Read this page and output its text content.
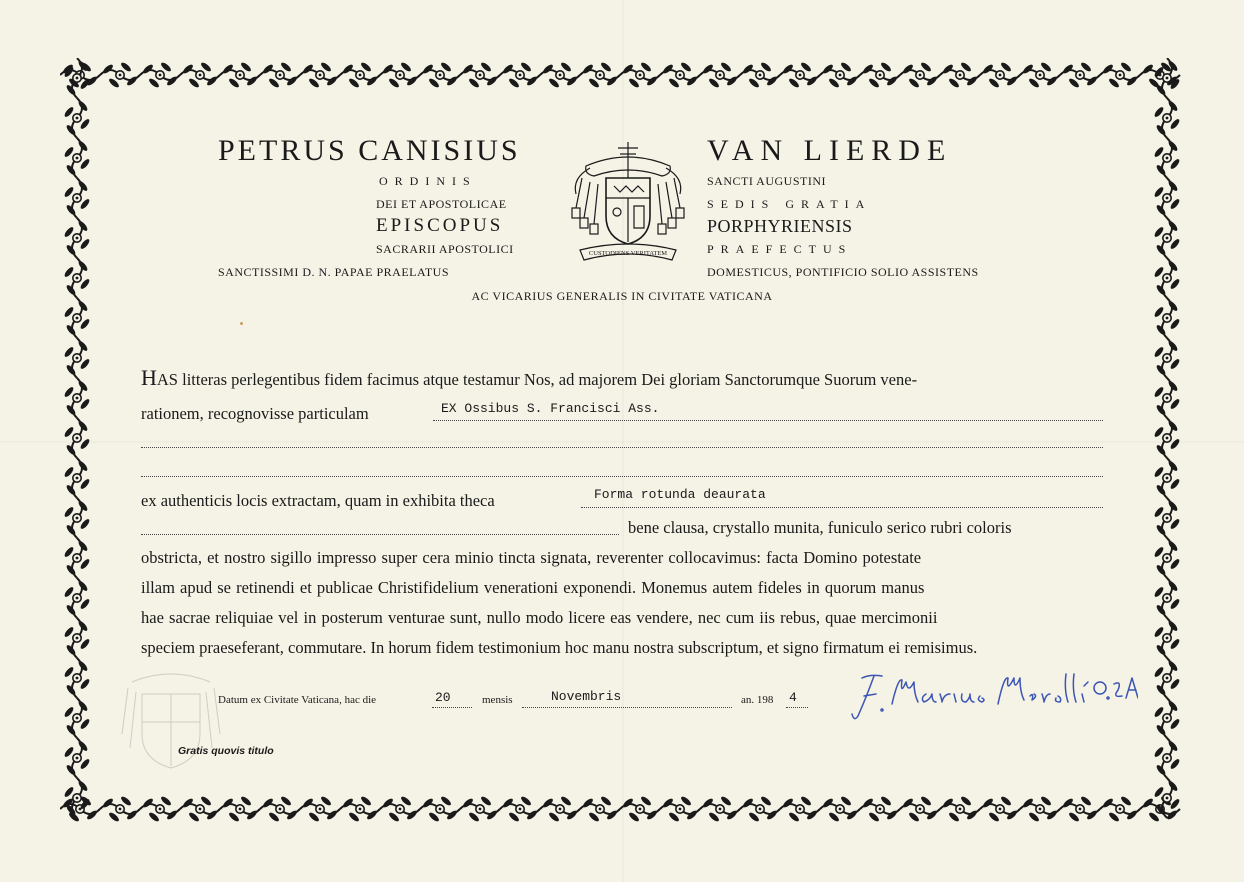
PETRUS CANISIUS
ORDINIS
DEI ET APOSTOLICAE
EPISCOPUS
SACRARII APOSTOLICI
SANCTISSIMI D. N. PAPAE PRAELATUS
CUSTODIENS VERITATEM
VAN LIERDE
SANCTI AUGUSTINI
SEDIS GRATIA
PORPHYRIENSIS
PRAEFECTUS
DOMESTICUS, PONTIFICIO SOLIO ASSISTENS
AC VICARIUS GENERALIS IN CIVITATE VATICANA
HAS litteras perlegentibus fidem facimus atque testamur Nos, ad majorem Dei gloriam Sanctorumque Suorum vene-
rationem, recognovisse particulam	EX Ossibus S. Francisci Ass.
ex authenticis locis extractam, quam in exhibita theca	Forma rotunda deaurata
bene clausa, crystallo munita, funiculo serico rubri coloris
obstricta, et nostro sigillo impresso super cera minio tincta signata, reverenter collocavimus: facta Domino potestate
illam apud se retinendi et publicae Christifidelium venerationi exponendi. Monemus autem fideles in quorum manus
hae sacrae reliquiae vel in posterum venturae sunt, nullo modo licere eas vendere, nec cum iis rebus, quae mercimonii
speciem praeseferant, commutare. In horum fidem testimonium hoc manu nostra subscriptum, et signo firmatum ei remisimus.
Datum ex Civitate Vaticana, hac die	20	mensis	Novembris	an. 198 4
Gratis quovis titulo
